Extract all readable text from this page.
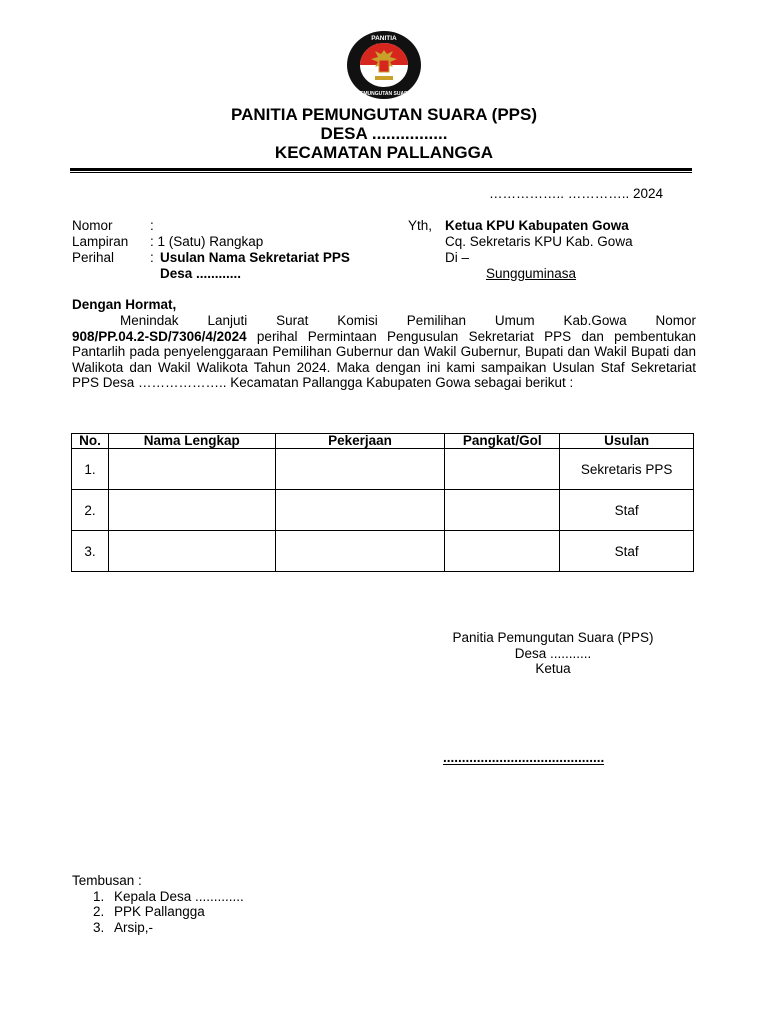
PANITIA
PEMUNGUTAN SUARA
PANITIA PEMUNGUTAN SUARA (PPS)
DESA ................
KECAMATAN PALLANGGA
…………….. ………….. 2024
Nomor	:
Lampiran : 1 (Satu) Rangkap
Perihal	: Usulan Nama Sekretariat PPS
Desa ............
Yth, Ketua KPU Kabupaten Gowa
Cq. Sekretaris KPU Kab. Gowa
Di –
Sungguminasa
Dengan Hormat,

Menindak Lanjuti Surat Komisi Pemilihan Umum Kab.Gowa Nomor

908/PP.04.2-SD/7306/4/2024 perihal Permintaan Pengusulan Sekretariat PPS dan pembentukan Pantarlih pada penyelenggaraan Pemilihan Gubernur dan Wakil Gubernur, Bupati dan Wakil Bupati dan Walikota dan Wakil Walikota Tahun 2024. Maka dengan ini kami sampaikan Usulan Staf Sekretariat PPS Desa ……………….. Kecamatan Pallangga Kabupaten Gowa sebagai berikut :

No.	Nama Lengkap	Pekerjaan	Pangkat/Gol	Usulan
1.				Sekretaris PPS
2.				Staf
3.				Staf
Panitia Pemungutan Suara (PPS)
Desa ...........
Ketua
...........................................
Tembusan :
1. Kepala Desa .............
2. PPK Pallangga
3. Arsip,-
